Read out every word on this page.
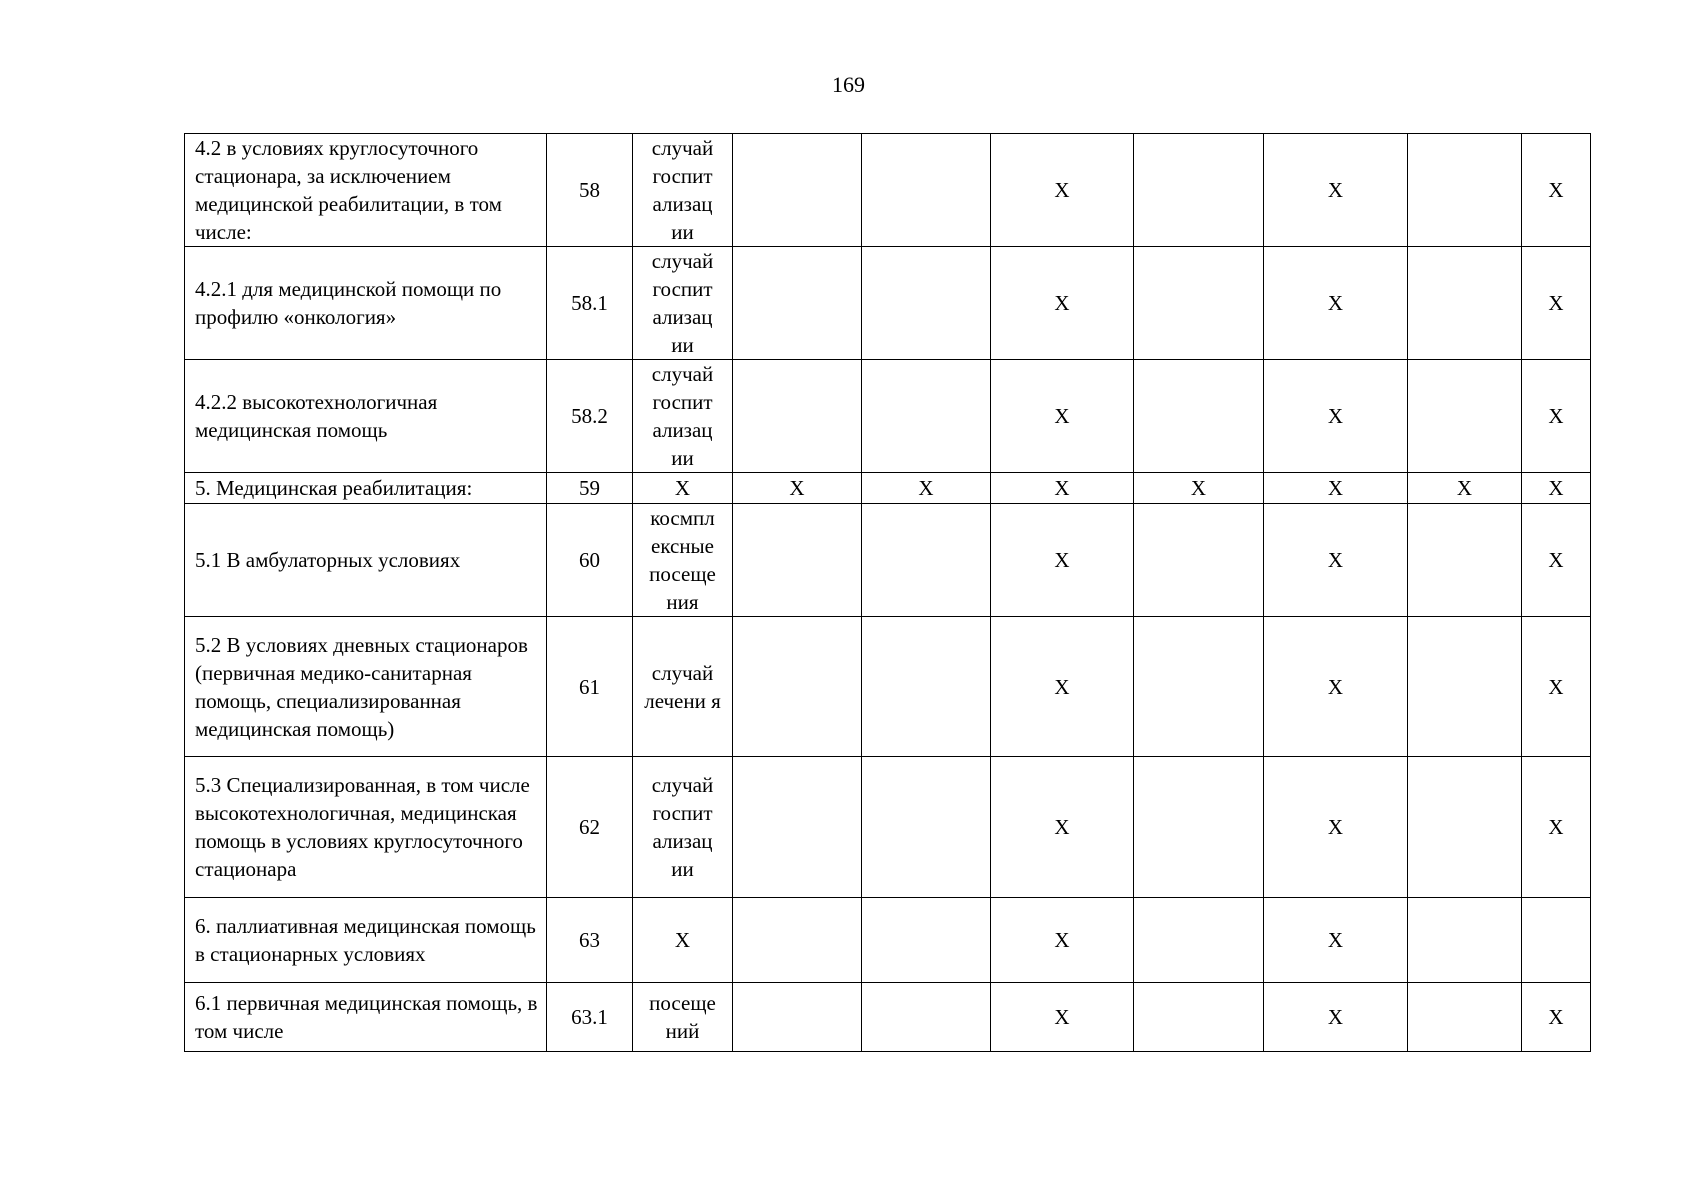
169
4.2 в условиях круглосуточного стационара, за исключением медицинской реабилитации, в том числе:	58	случай госпит ализац ии			X		X		X
4.2.1 для медицинской помощи по профилю «онкология»	58.1	случай госпит ализац ии			X		X		X
4.2.2 высокотехнологичная медицинская помощь	58.2	случай госпит ализац ии			X		X		X
5. Медицинская реабилитация:	59	X	X	X	X	X	X	X	X
5.1 В амбулаторных условиях	60	космпл ексные посеще ния			X		X		X
5.2 В условиях дневных стационаров (первичная медико-санитарная помощь, специализированная медицинская помощь)	61	случай лечени я			X		X		X
5.3 Специализированная, в том числе высокотехнологичная, медицинская помощь в условиях круглосуточного стационара	62	случай госпит ализац ии			X		X		X
6. паллиативная медицинская помощь в стационарных условиях	63	X			X		X		
6.1 первичная медицинская помощь, в том числе	63.1	посеще ний			X		X		X
